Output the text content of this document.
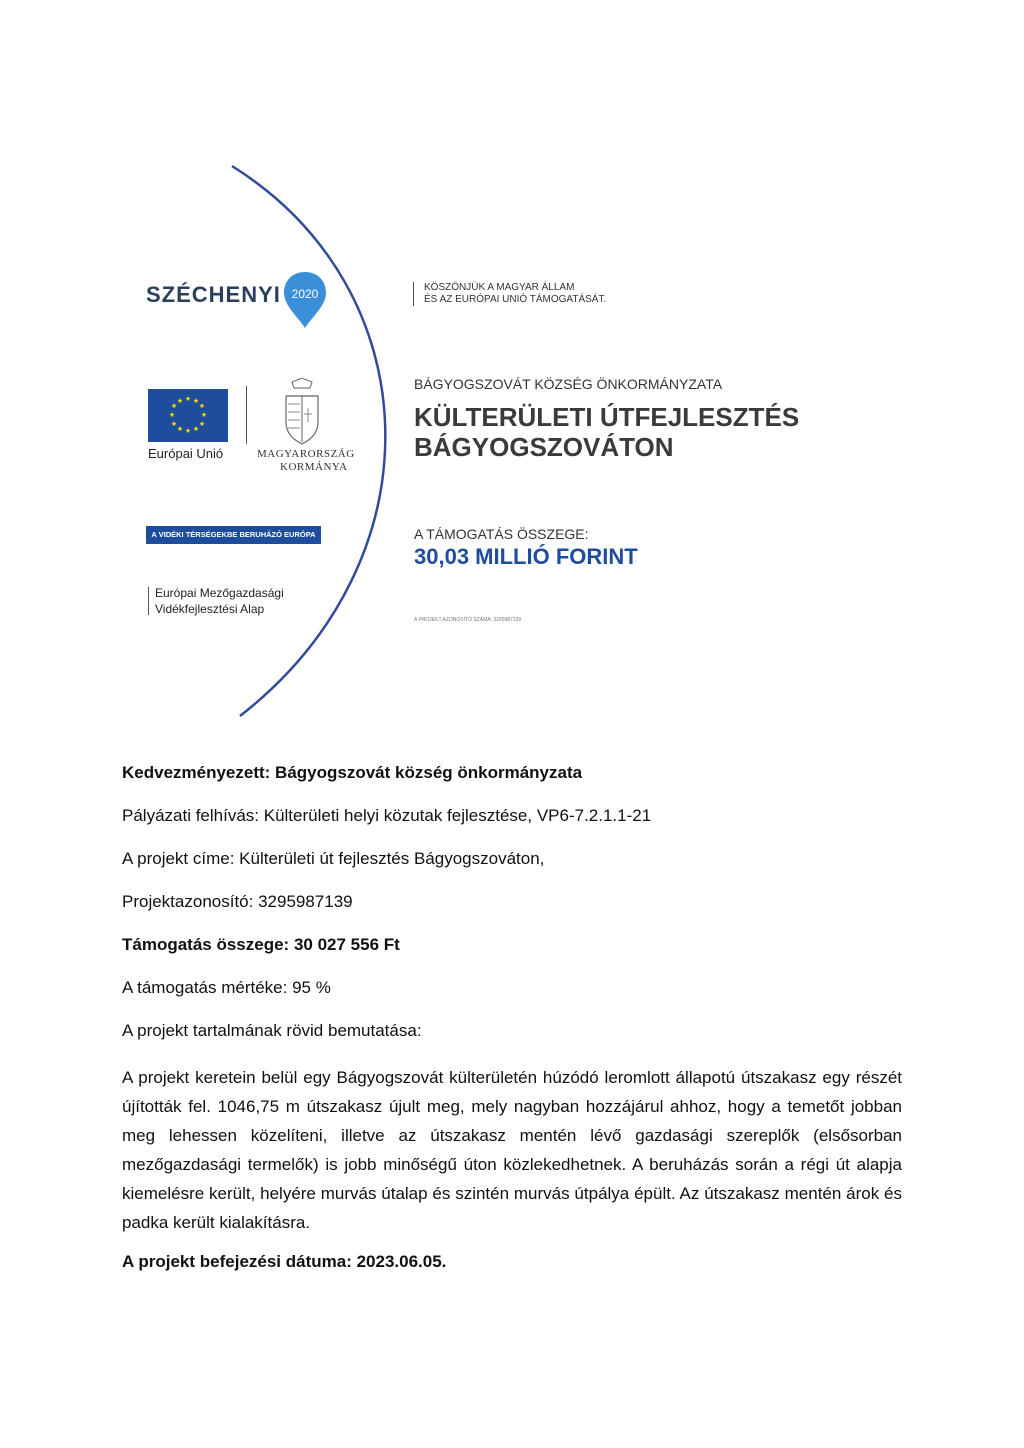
SZÉCHENYI 2020	KÖSZÖNJÜK A MAGYAR ÁLLAM
ÉS AZ EURÓPAI UNIÓ TÁMOGATÁSÁT.
★ ★
★
★
★
★
★
★
★
★
★
★
Európai Unió	MAGYARORSZÁG
KORMÁNYA
A VIDÉKI TÉRSÉGEKBE BERUHÁZÓ EURÓPA
Európai Mezőgazdasági
Vidékfejlesztési Alap
BÁGYOGSZOVÁT KÖZSÉG ÖNKORMÁNYZATA
KÜLTERÜLETI ÚTFEJLESZTÉS
BÁGYOGSZOVÁTON
A TÁMOGATÁS ÖSSZEGE:
30,03 MILLIÓ FORINT
A PROJEKT AZONOSÍTÓ SZÁMA: 3295987139
Kedvezményezett: Bágyogszovát község önkormányzata
Pályázati felhívás: Külterületi helyi közutak fejlesztése, VP6-7.2.1.1-21
A projekt címe: Külterületi út fejlesztés Bágyogszováton,
Projektazonosító: 3295987139
Támogatás összege: 30 027 556 Ft
A támogatás mértéke: 95 %
A projekt tartalmának rövid bemutatása:
A projekt keretein belül egy Bágyogszovát külterületén húzódó leromlott állapotú útszakasz egy részét újították fel. 1046,75 m útszakasz újult meg, mely nagyban hozzájárul ahhoz, hogy a temetőt jobban meg lehessen közelíteni, illetve az útszakasz mentén lévő gazdasági szereplők (elsősorban mezőgazdasági termelők) is jobb minőségű úton közlekedhetnek. A beruházás során a régi út alapja kiemelésre került, helyére murvás útalap és szintén murvás útpálya épült. Az útszakasz mentén árok és padka került kialakításra.
A projekt befejezési dátuma: 2023.06.05.
